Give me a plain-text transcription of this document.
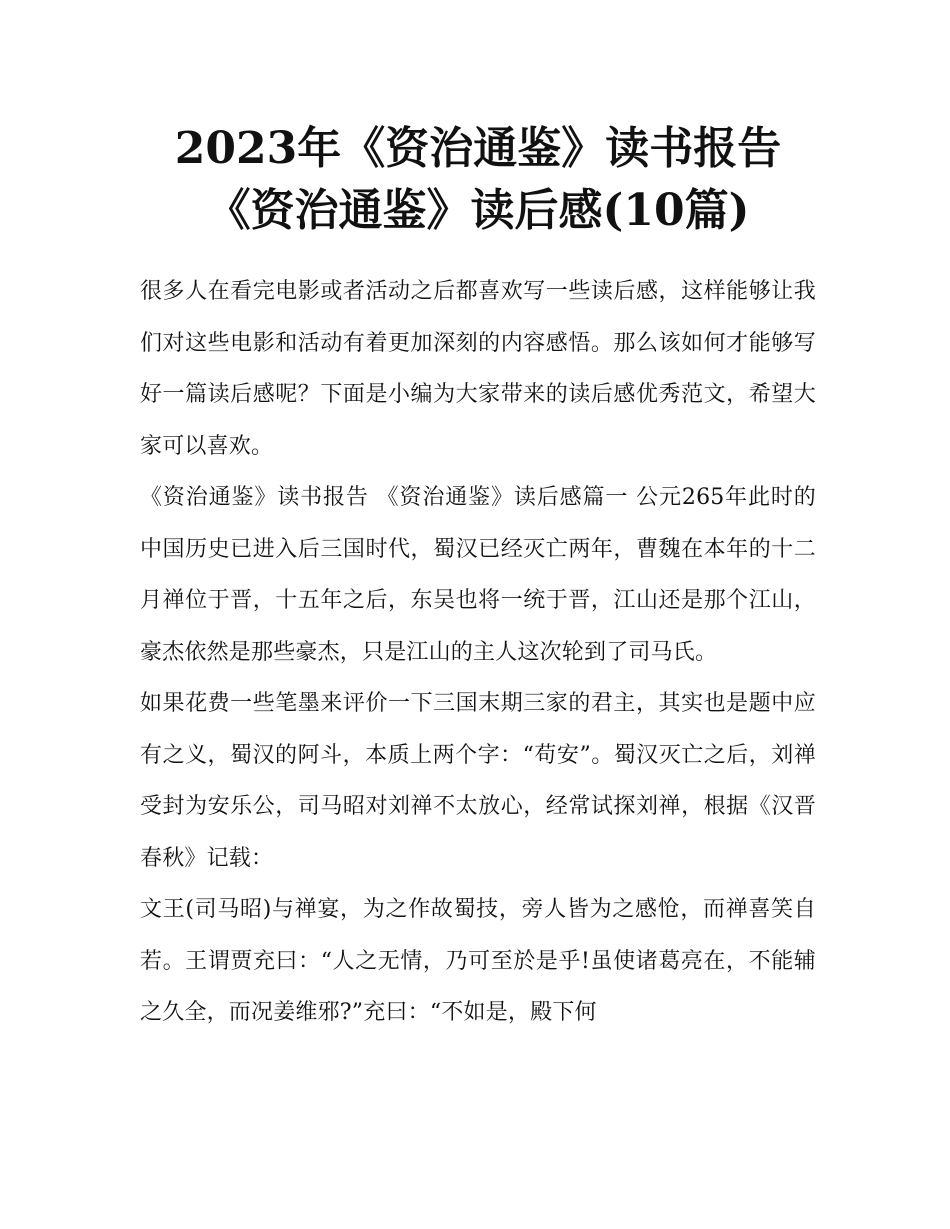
2023年《资治通鉴》读书报告
《资治通鉴》读后感(10篇)

很多人在看完电影或者活动之后都喜欢写一些读后感，这样能够让我们对这些电影和活动有着更加深刻的内容感悟。那么该如何才能够写好一篇读后感呢？下面是小编为大家带来的读后感优秀范文，希望大家可以喜欢。

《资治通鉴》读书报告 《资治通鉴》读后感篇一 公元265年此时的中国历史已进入后三国时代，蜀汉已经灭亡两年，曹魏在本年的十二月禅位于晋，十五年之后，东吴也将一统于晋，江山还是那个江山，豪杰依然是那些豪杰，只是江山的主人这次轮到了司马氏。

如果花费一些笔墨来评价一下三国末期三家的君主，其实也是题中应有之义，蜀汉的阿斗，本质上两个字：“苟安”。蜀汉灭亡之后，刘禅受封为安乐公，司马昭对刘禅不太放心，经常试探刘禅，根据《汉晋春秋》记载：

文王(司马昭)与禅宴，为之作故蜀技，旁人皆为之感怆，而禅喜笑自若。王谓贾充曰：“人之无情，乃可至於是乎!虽使诸葛亮在，不能辅之久全，而况姜维邪?”充曰：“不如是，殿下何
